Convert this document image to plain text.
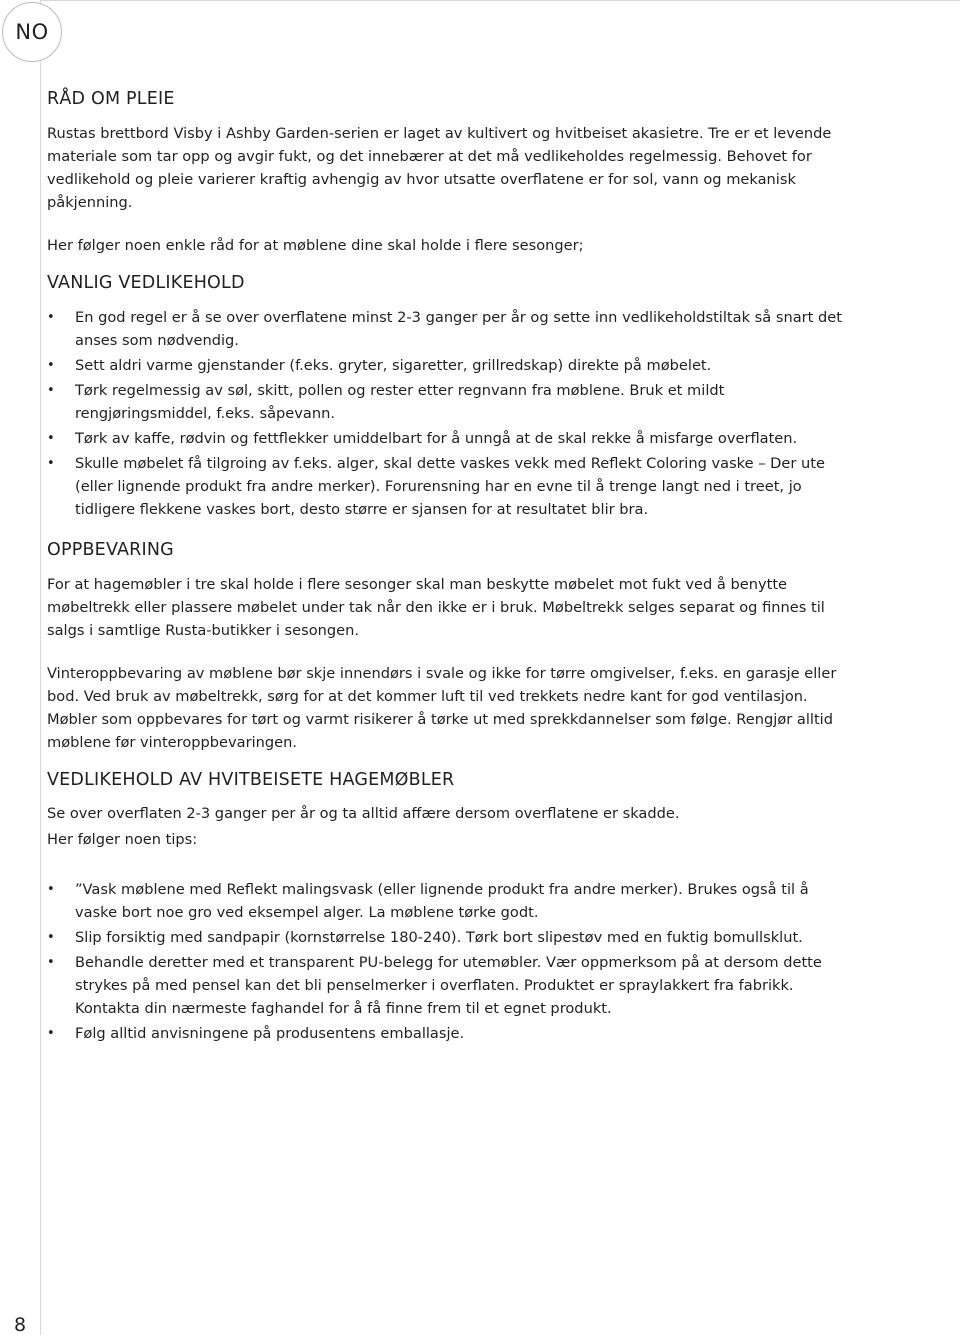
NO
RÅD OM PLEIE

Rustas brettbord Visby i Ashby Garden-serien er laget av kultivert og hvitbeiset akasietre. Tre er et levende materiale som tar opp og avgir fukt, og det innebærer at det må vedlikeholdes regelmessig. Behovet for vedlikehold og pleie varierer kraftig avhengig av hvor utsatte overflatene er for sol, vann og mekanisk påkjenning.

Her følger noen enkle råd for at møblene dine skal holde i flere sesonger;

VANLIG VEDLIKEHOLD
• En god regel er å se over overflatene minst 2-3 ganger per år og sette inn vedlikeholdstiltak så snart det anses som nødvendig.
• Sett aldri varme gjenstander (f.eks. gryter, sigaretter, grillredskap) direkte på møbelet.
• Tørk regelmessig av søl, skitt, pollen og rester etter regnvann fra møblene. Bruk et mildt rengjøringsmiddel, f.eks. såpevann.
• Tørk av kaffe, rødvin og fettflekker umiddelbart for å unngå at de skal rekke å misfarge overflaten.
• Skulle møbelet få tilgroing av f.eks. alger, skal dette vaskes vekk med Reflekt Coloring vaske – Der ute (eller lignende produkt fra andre merker). Forurensning har en evne til å trenge langt ned i treet, jo tidligere flekkene vaskes bort, desto større er sjansen for at resultatet blir bra.
OPPBEVARING

For at hagemøbler i tre skal holde i flere sesonger skal man beskytte møbelet mot fukt ved å benytte møbeltrekk eller plassere møbelet under tak når den ikke er i bruk. Møbeltrekk selges separat og finnes til salgs i samtlige Rusta-butikker i sesongen.

Vinteroppbevaring av møblene bør skje innendørs i svale og ikke for tørre omgivelser, f.eks. en garasje eller bod. Ved bruk av møbeltrekk, sørg for at det kommer luft til ved trekkets nedre kant for god ventilasjon. Møbler som oppbevares for tørt og varmt risikerer å tørke ut med sprekkdannelser som følge. Rengjør alltid møblene før vinteroppbevaringen.

VEDLIKEHOLD AV HVITBEISETE HAGEMØBLER

Se over overflaten 2-3 ganger per år og ta alltid affære dersom overflatene er skadde.

Her følger noen tips:

• ”Vask møblene med Reflekt malingsvask (eller lignende produkt fra andre merker). Brukes også til å vaske bort noe gro ved eksempel alger. La møblene tørke godt.
• Slip forsiktig med sandpapir (kornstørrelse 180-240). Tørk bort slipestøv med en fuktig bomullsklut.
• Behandle deretter med et transparent PU-belegg for utemøbler. Vær oppmerksom på at dersom dette strykes på med pensel kan det bli penselmerker i overflaten. Produktet er spraylakkert fra fabrikk. Kontakta din nærmeste faghandel for å få finne frem til et egnet produkt.
• Følg alltid anvisningene på produsentens emballasje.
8
